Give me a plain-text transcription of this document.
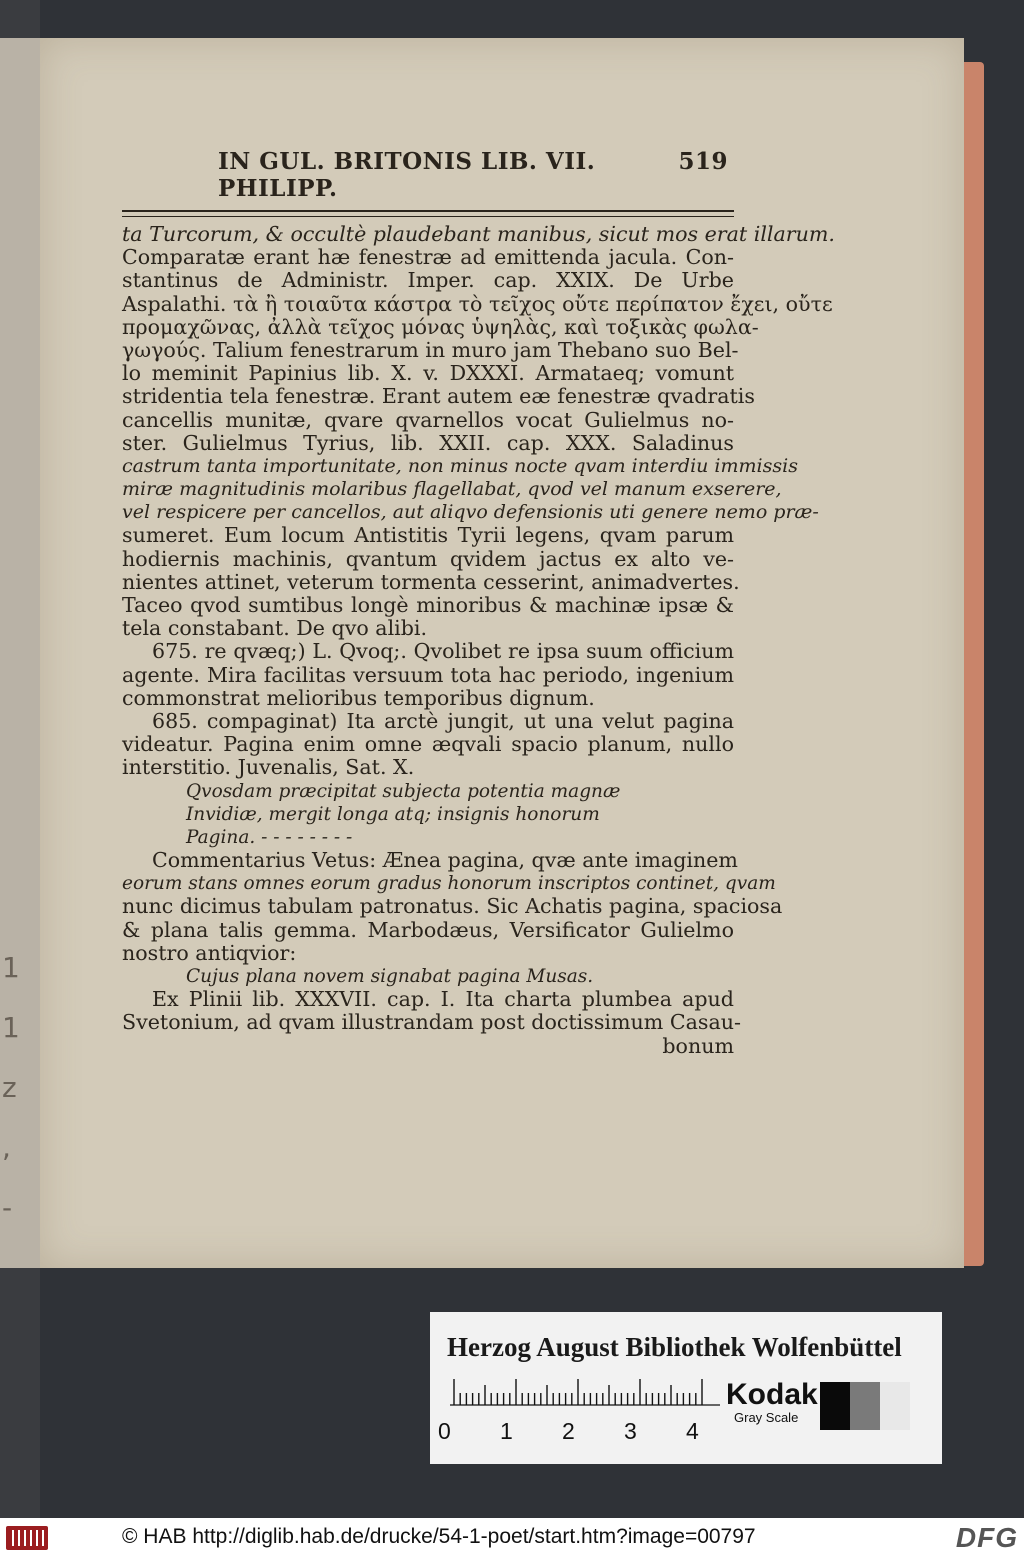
1
1
z
,
-
IN GUL. BRITONIS LIB. VII. PHILIPP.
519
ta Turcorum, & occultè plaudebant manibus, sicut mos erat illarum.
Comparatæ erant hæ fenestræ ad emittenda jacula. Con-
stantinus de Administr. Imper. cap. XXIX. De Urbe
Aspalathi. τὰ ἢ τοιαῦτα κάστρα τὸ τεῖχος οὔτε περίπατον ἔχει, οὔτε
προμαχῶνας, ἀλλὰ τεῖχος μόνας ὑψηλὰς, καὶ τοξικὰς φωλα-
γωγούς. Talium fenestrarum in muro jam Thebano suo Bel-
lo meminit Papinius lib. X. v. DXXXI. Armataeq; vomunt
stridentia tela fenestræ. Erant autem eæ fenestræ qvadratis
cancellis munitæ, qvare qvarnellos vocat Gulielmus no-
ster. Gulielmus Tyrius, lib. XXII. cap. XXX. Saladinus
castrum tanta importunitate, non minus nocte qvam interdiu immissis
miræ magnitudinis molaribus flagellabat, qvod vel manum exserere,
vel respicere per cancellos, aut aliqvo defensionis uti genere nemo præ-
sumeret. Eum locum Antistitis Tyrii legens, qvam parum
hodiernis machinis, qvantum qvidem jactus ex alto ve-
nientes attinet, veterum tormenta cesserint, animadvertes.
Taceo qvod sumtibus longè minoribus & machinæ ipsæ &
tela constabant. De qvo alibi.
675. re qvæq;) L. Qvoq;. Qvolibet re ipsa suum officium
agente. Mira facilitas versuum tota hac periodo, ingenium
commonstrat melioribus temporibus dignum.
685. compaginat) Ita arctè jungit, ut una velut pagina
videatur. Pagina enim omne æqvali spacio planum, nullo
interstitio. Juvenalis, Sat. X.
Qvosdam præcipitat subjecta potentia magnæ
Invidiæ, mergit longa atq; insignis honorum
Pagina. - - - - - - - -
Commentarius Vetus: Ænea pagina, qvæ ante imaginem
eorum stans omnes eorum gradus honorum inscriptos continet, qvam
nunc dicimus tabulam patronatus. Sic Achatis pagina, spaciosa
& plana talis gemma. Marbodæus, Versificator Gulielmo
nostro antiqvior:
Cujus plana novem signabat pagina Musas.
Ex Plinii lib. XXXVII. cap. I. Ita charta plumbea apud
Svetonium, ad qvam illustrandam post doctissimum Casau-
bonum
Herzog August Bibliothek Wolfenbüttel
0 1 2 3 4
Kodak
Gray Scale
© HAB http://diglib.hab.de/drucke/54-1-poet/start.htm?image=00797	DFG
